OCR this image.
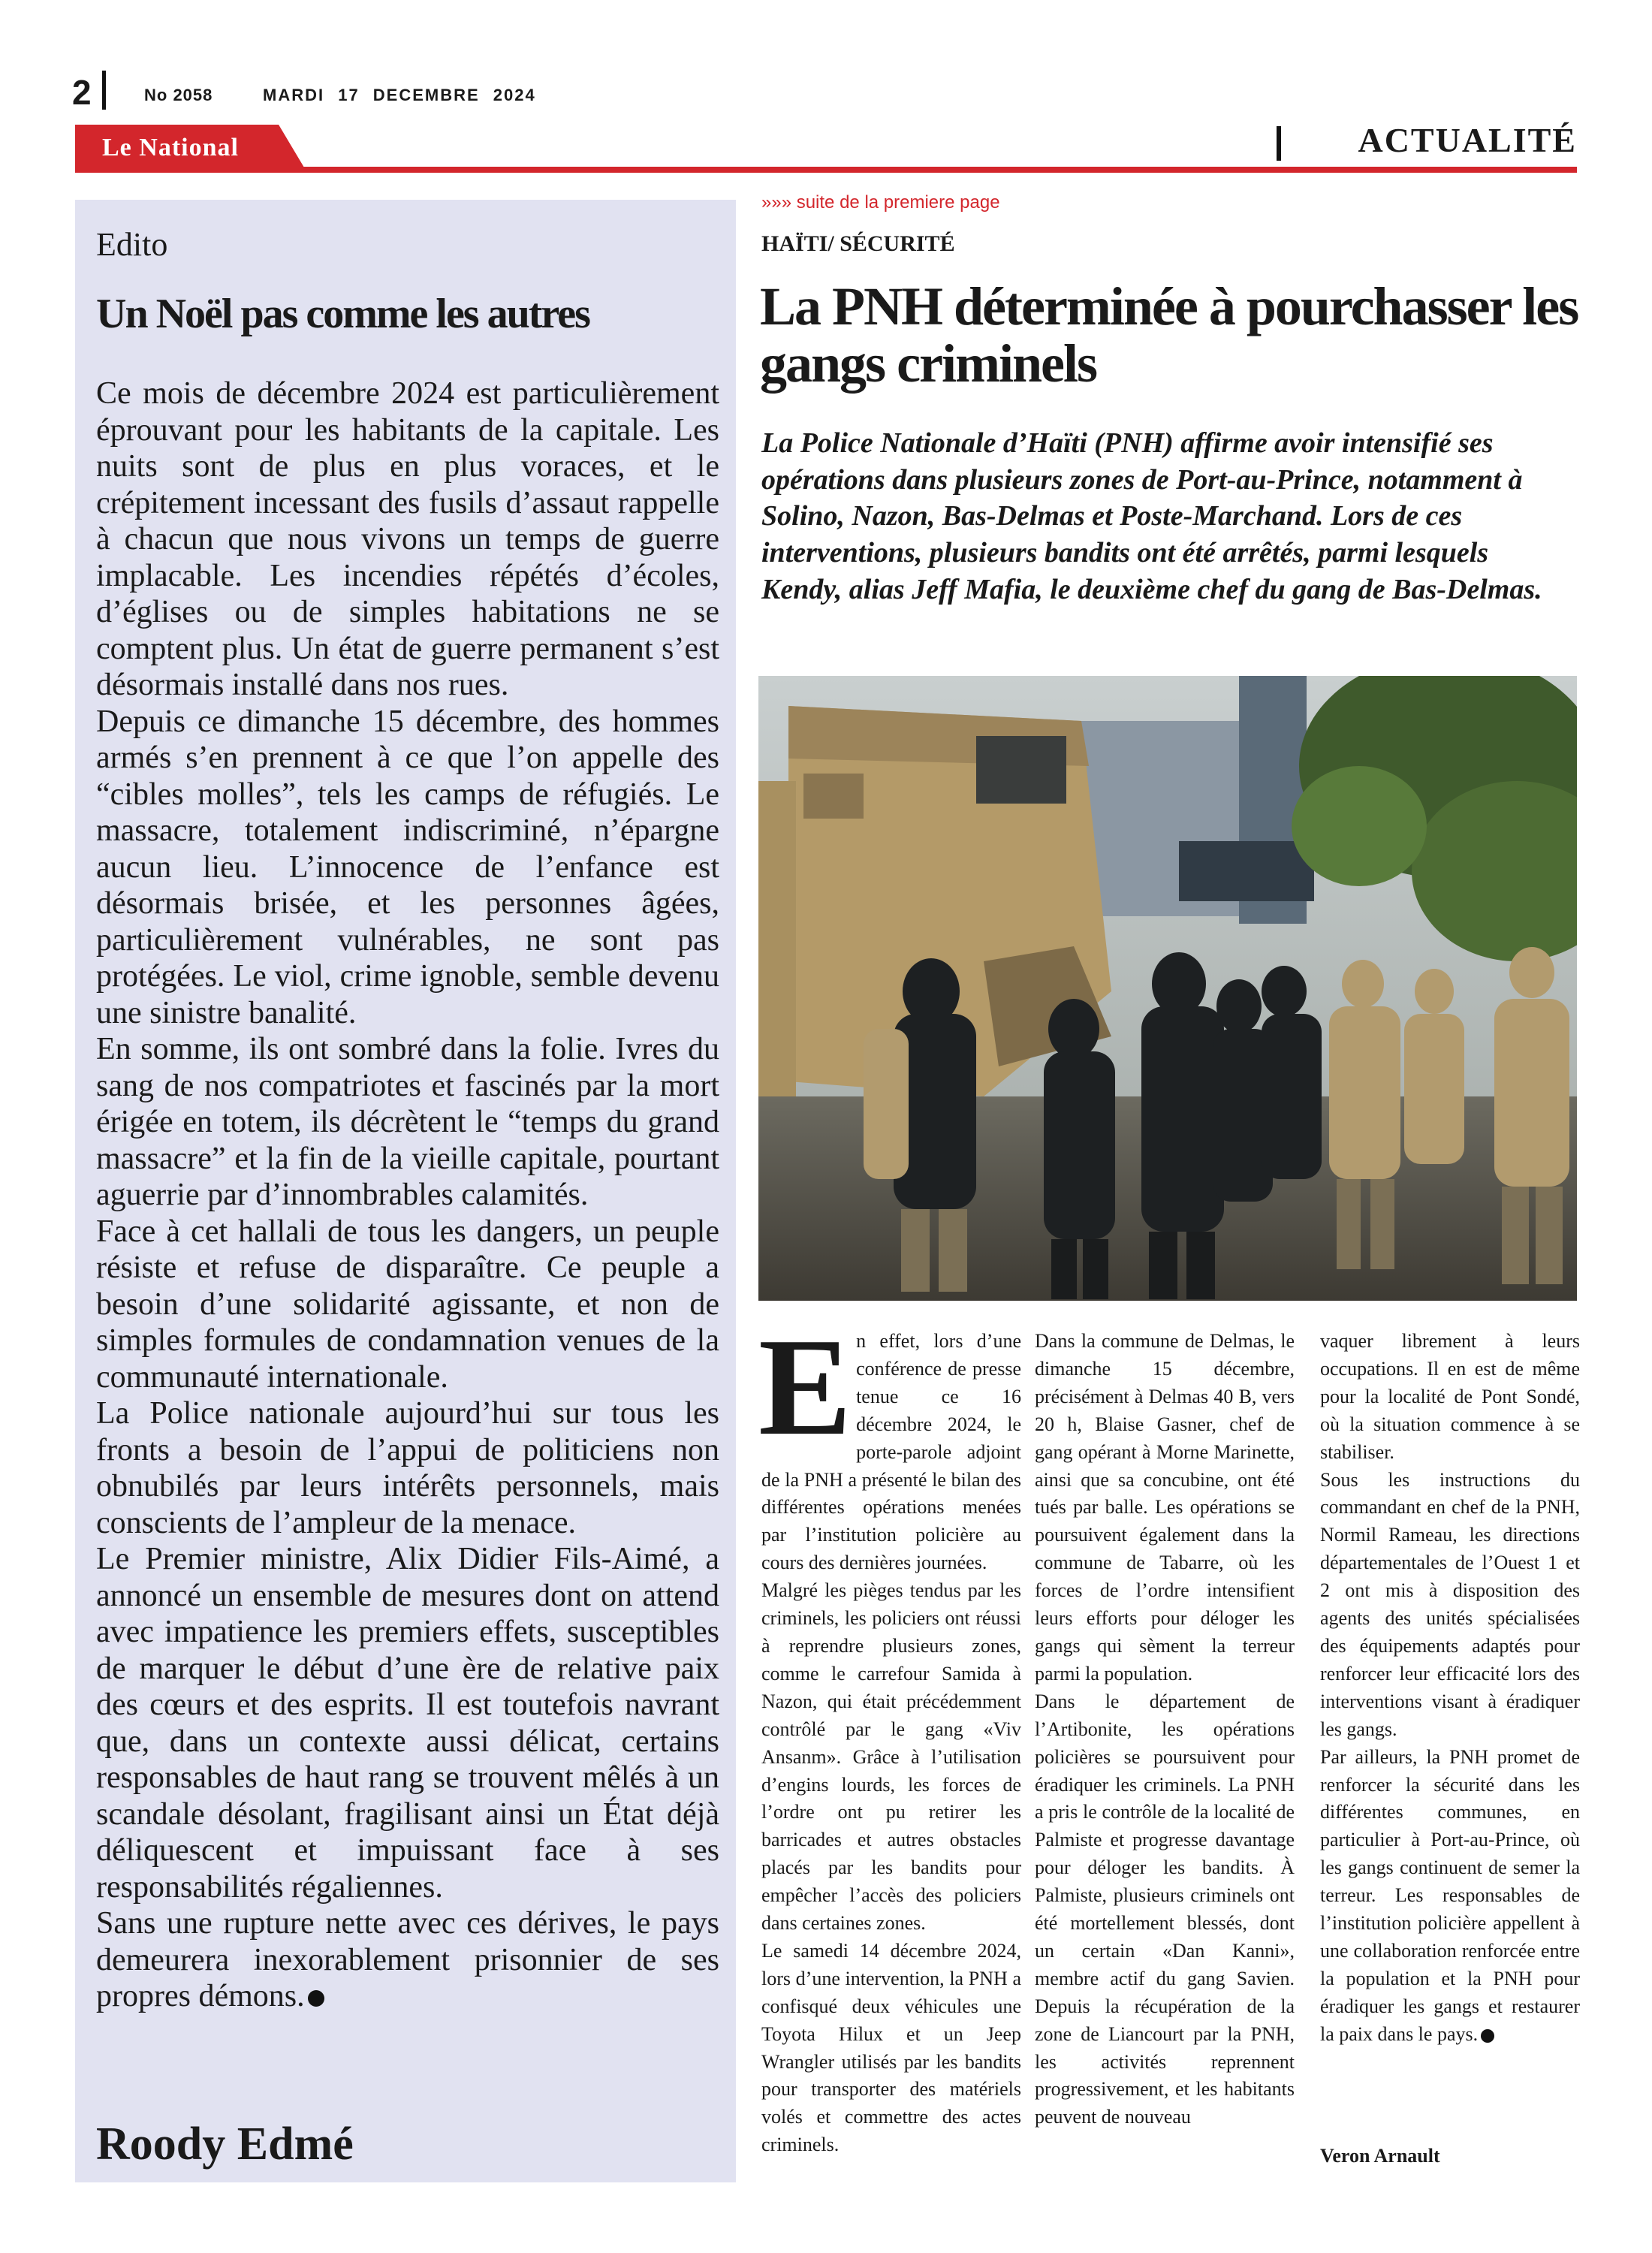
2	No 2058	MARDI 17 DECEMBRE 2024
Le National	ACTUALITÉ
Edito
Un Noël pas comme les autres

Ce mois de décembre 2024 est particulièrement éprouvant pour les habitants de la capitale. Les nuits sont de plus en plus voraces, et le crépitement incessant des fusils d’assaut rappelle à chacun que nous vivons un temps de guerre implacable. Les incendies répétés d’écoles, d’églises ou de simples habitations ne se comptent plus. Un état de guerre permanent s’est désormais installé dans nos rues.

Depuis ce dimanche 15 décembre, des hommes armés s’en prennent à ce que l’on appelle des “cibles molles”, tels les camps de réfugiés. Le massacre, totalement indiscriminé, n’épargne aucun lieu. L’innocence de l’enfance est désormais brisée, et les personnes âgées, particulièrement vulnérables, ne sont pas protégées. Le viol, crime ignoble, semble devenu une sinistre banalité.

En somme, ils ont sombré dans la folie. Ivres du sang de nos compatriotes et fascinés par la mort érigée en totem, ils décrètent le “temps du grand massacre” et la fin de la vieille capitale, pourtant aguerrie par d’innombrables calamités.

Face à cet hallali de tous les dangers, un peuple résiste et refuse de disparaître. Ce peuple a besoin d’une solidarité agissante, et non de simples formules de condamnation venues de la communauté internationale.

La Police nationale aujourd’hui sur tous les fronts a besoin de l’appui de politiciens non obnubilés par leurs intérêts personnels, mais conscients de l’ampleur de la menace.

Le Premier ministre, Alix Didier Fils-Aimé, a annoncé un ensemble de mesures dont on attend avec impatience les premiers effets, susceptibles de marquer le début d’une ère de relative paix des cœurs et des esprits. Il est toutefois navrant que, dans un contexte aussi délicat, certains responsables de haut rang se trouvent mêlés à un scandale désolant, fragilisant ainsi un État déjà déliquescent et impuissant face à ses responsabilités régaliennes.

Sans une rupture nette avec ces dérives, le pays demeurera inexorablement prisonnier de ses propres démons.

Roody Edmé
»»» suite de la premiere page
HAÏTI/ SÉCURITÉ
La PNH déterminée à pourchasser les gangs criminels
La Police Nationale d’Haïti (PNH) affirme avoir intensifié ses opérations dans plusieurs zones de Port-au-Prince, notamment à Solino, Nazon, Bas-Delmas et Poste-Marchand. Lors de ces interventions, plusieurs bandits ont été arrêtés, parmi lesquels Kendy, alias Jeff Mafia, le deuxième chef du gang de Bas-Delmas.

En effet, lors d’une conférence de presse tenue ce 16 décembre 2024, le porte-parole adjoint de la PNH a présenté le bilan des différentes opérations menées par l’institution policière au cours des dernières journées.

Malgré les pièges tendus par les criminels, les policiers ont réussi à reprendre plusieurs zones, comme le carrefour Samida à Nazon, qui était précédemment contrôlé par le gang «Viv Ansanm». Grâce à l’utilisation d’engins lourds, les forces de l’ordre ont pu retirer les barricades et autres obstacles placés par les bandits pour empêcher l’accès des policiers dans certaines zones.

Le samedi 14 décembre 2024, lors d’une intervention, la PNH a confisqué deux véhicules une Toyota Hilux et un Jeep Wrangler utilisés par les bandits pour transporter des matériels volés et commettre des actes criminels.

Dans la commune de Delmas, le dimanche 15 décembre, précisément à Delmas 40 B, vers 20 h, Blaise Gasner, chef de gang opérant à Morne Marinette, ainsi que sa concubine, ont été tués par balle. Les opérations se poursuivent également dans la commune de Tabarre, où les forces de l’ordre intensifient leurs efforts pour déloger les gangs qui sèment la terreur parmi la population.

Dans le département de l’Artibonite, les opérations policières se poursuivent pour éradiquer les criminels. La PNH a pris le contrôle de la localité de Palmiste et progresse davantage pour déloger les bandits. À Palmiste, plusieurs criminels ont été mortellement blessés, dont un certain «Dan Kanni», membre actif du gang Savien. Depuis la récupération de la zone de Liancourt par la PNH, les activités reprennent progressivement, et les habitants peuvent de nouveau

vaquer librement à leurs occupations. Il en est de même pour la localité de Pont Sondé, où la situation commence à se stabiliser.

Sous les instructions du commandant en chef de la PNH, Normil Rameau, les directions départementales de l’Ouest 1 et 2 ont mis à disposition des agents des unités spécialisées des équipements adaptés pour renforcer leur efficacité lors des interventions visant à éradiquer les gangs.

Par ailleurs, la PNH promet de renforcer la sécurité dans les différentes communes, en particulier à Port-au-Prince, où les gangs continuent de semer la terreur. Les responsables de l’institution policière appellent à une collaboration renforcée entre la population et la PNH pour éradiquer les gangs et restaurer la paix dans le pays.

Veron Arnault
